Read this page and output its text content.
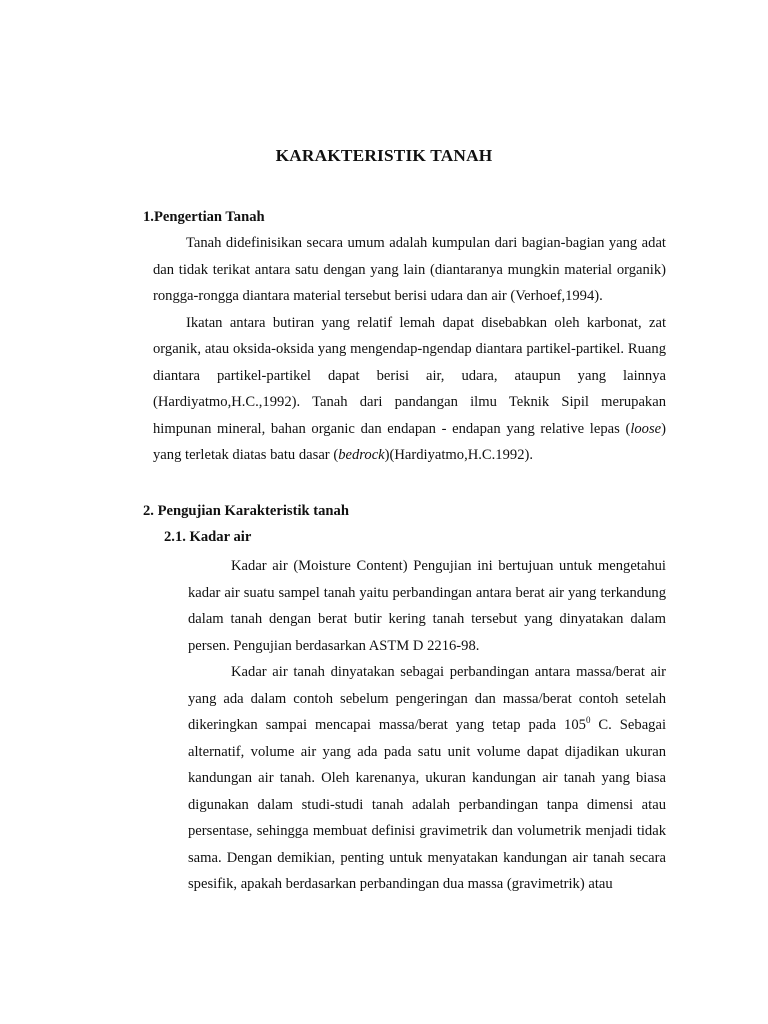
KARAKTERISTIK TANAH
1.Pengertian Tanah

Tanah didefinisikan secara umum adalah kumpulan dari bagian-bagian yang adat dan tidak terikat antara satu dengan yang lain (diantaranya mungkin material organik) rongga-rongga diantara material tersebut berisi udara dan air (Verhoef,1994).

Ikatan antara butiran yang relatif lemah dapat disebabkan oleh karbonat, zat organik, atau oksida-oksida yang mengendap-ngendap diantara partikel-partikel. Ruang diantara partikel-partikel dapat berisi air, udara, ataupun yang lainnya (Hardiyatmo,H.C.,1992). Tanah dari pandangan ilmu Teknik Sipil merupakan himpunan mineral, bahan organic dan endapan - endapan yang relative lepas (loose) yang terletak diatas batu dasar (bedrock)(Hardiyatmo,H.C.1992).

2. Pengujian Karakteristik tanah
2.1. Kadar air

Kadar air (Moisture Content) Pengujian ini bertujuan untuk mengetahui kadar air suatu sampel tanah yaitu perbandingan antara berat air yang terkandung dalam tanah dengan berat butir kering tanah tersebut yang dinyatakan dalam persen. Pengujian berdasarkan ASTM D 2216-98.

Kadar air tanah dinyatakan sebagai perbandingan antara massa/berat air yang ada dalam contoh sebelum pengeringan dan massa/berat contoh setelah dikeringkan sampai mencapai massa/berat yang tetap pada $105^0$ C. Sebagai alternatif, volume air yang ada pada satu unit volume dapat dijadikan ukuran kandungan air tanah. Oleh karenanya, ukuran kandungan air tanah yang biasa digunakan dalam studi-studi tanah adalah perbandingan tanpa dimensi atau persentase, sehingga membuat definisi gravimetrik dan volumetrik menjadi tidak sama. Dengan demikian, penting untuk menyatakan kandungan air tanah secara spesifik, apakah berdasarkan perbandingan dua massa (gravimetrik) atau
